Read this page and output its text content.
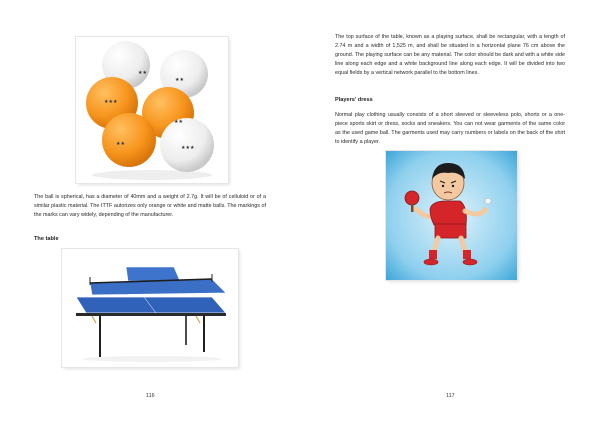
★★
★★
★★★
★★
★★
★★★
The ball is spherical, has a diameter of 40mm and a weight of 2.7g. It will be of celluloid or of a similar plastic material. The ITTF autorizes only orange or white and matte balls. The markings of the marks can vary widely, depending of the manufacturer.
The table
116
The top surface of the table, known as a playing surface, shall be rectangular, with a length of 2.74 m and a width of 1,525 m, and shall be situated in a horizontal plane 76 cm above the ground. The playing surface can be any material. The color should be dark and with a white side line along each edge and a white background line along each edge. It will be divided into two equal fields by a vertical network parallel to the bottom lines.
Players' dress
Normal play clothing usually consists of a short sleeved or sleeveless polo, shorts or a one-piece sports skirt or dress, socks and sneakers. You can not wear garments of the same color as the used game ball. The garments used may carry numbers or labels on the back of the shirt to identify a player.
117
